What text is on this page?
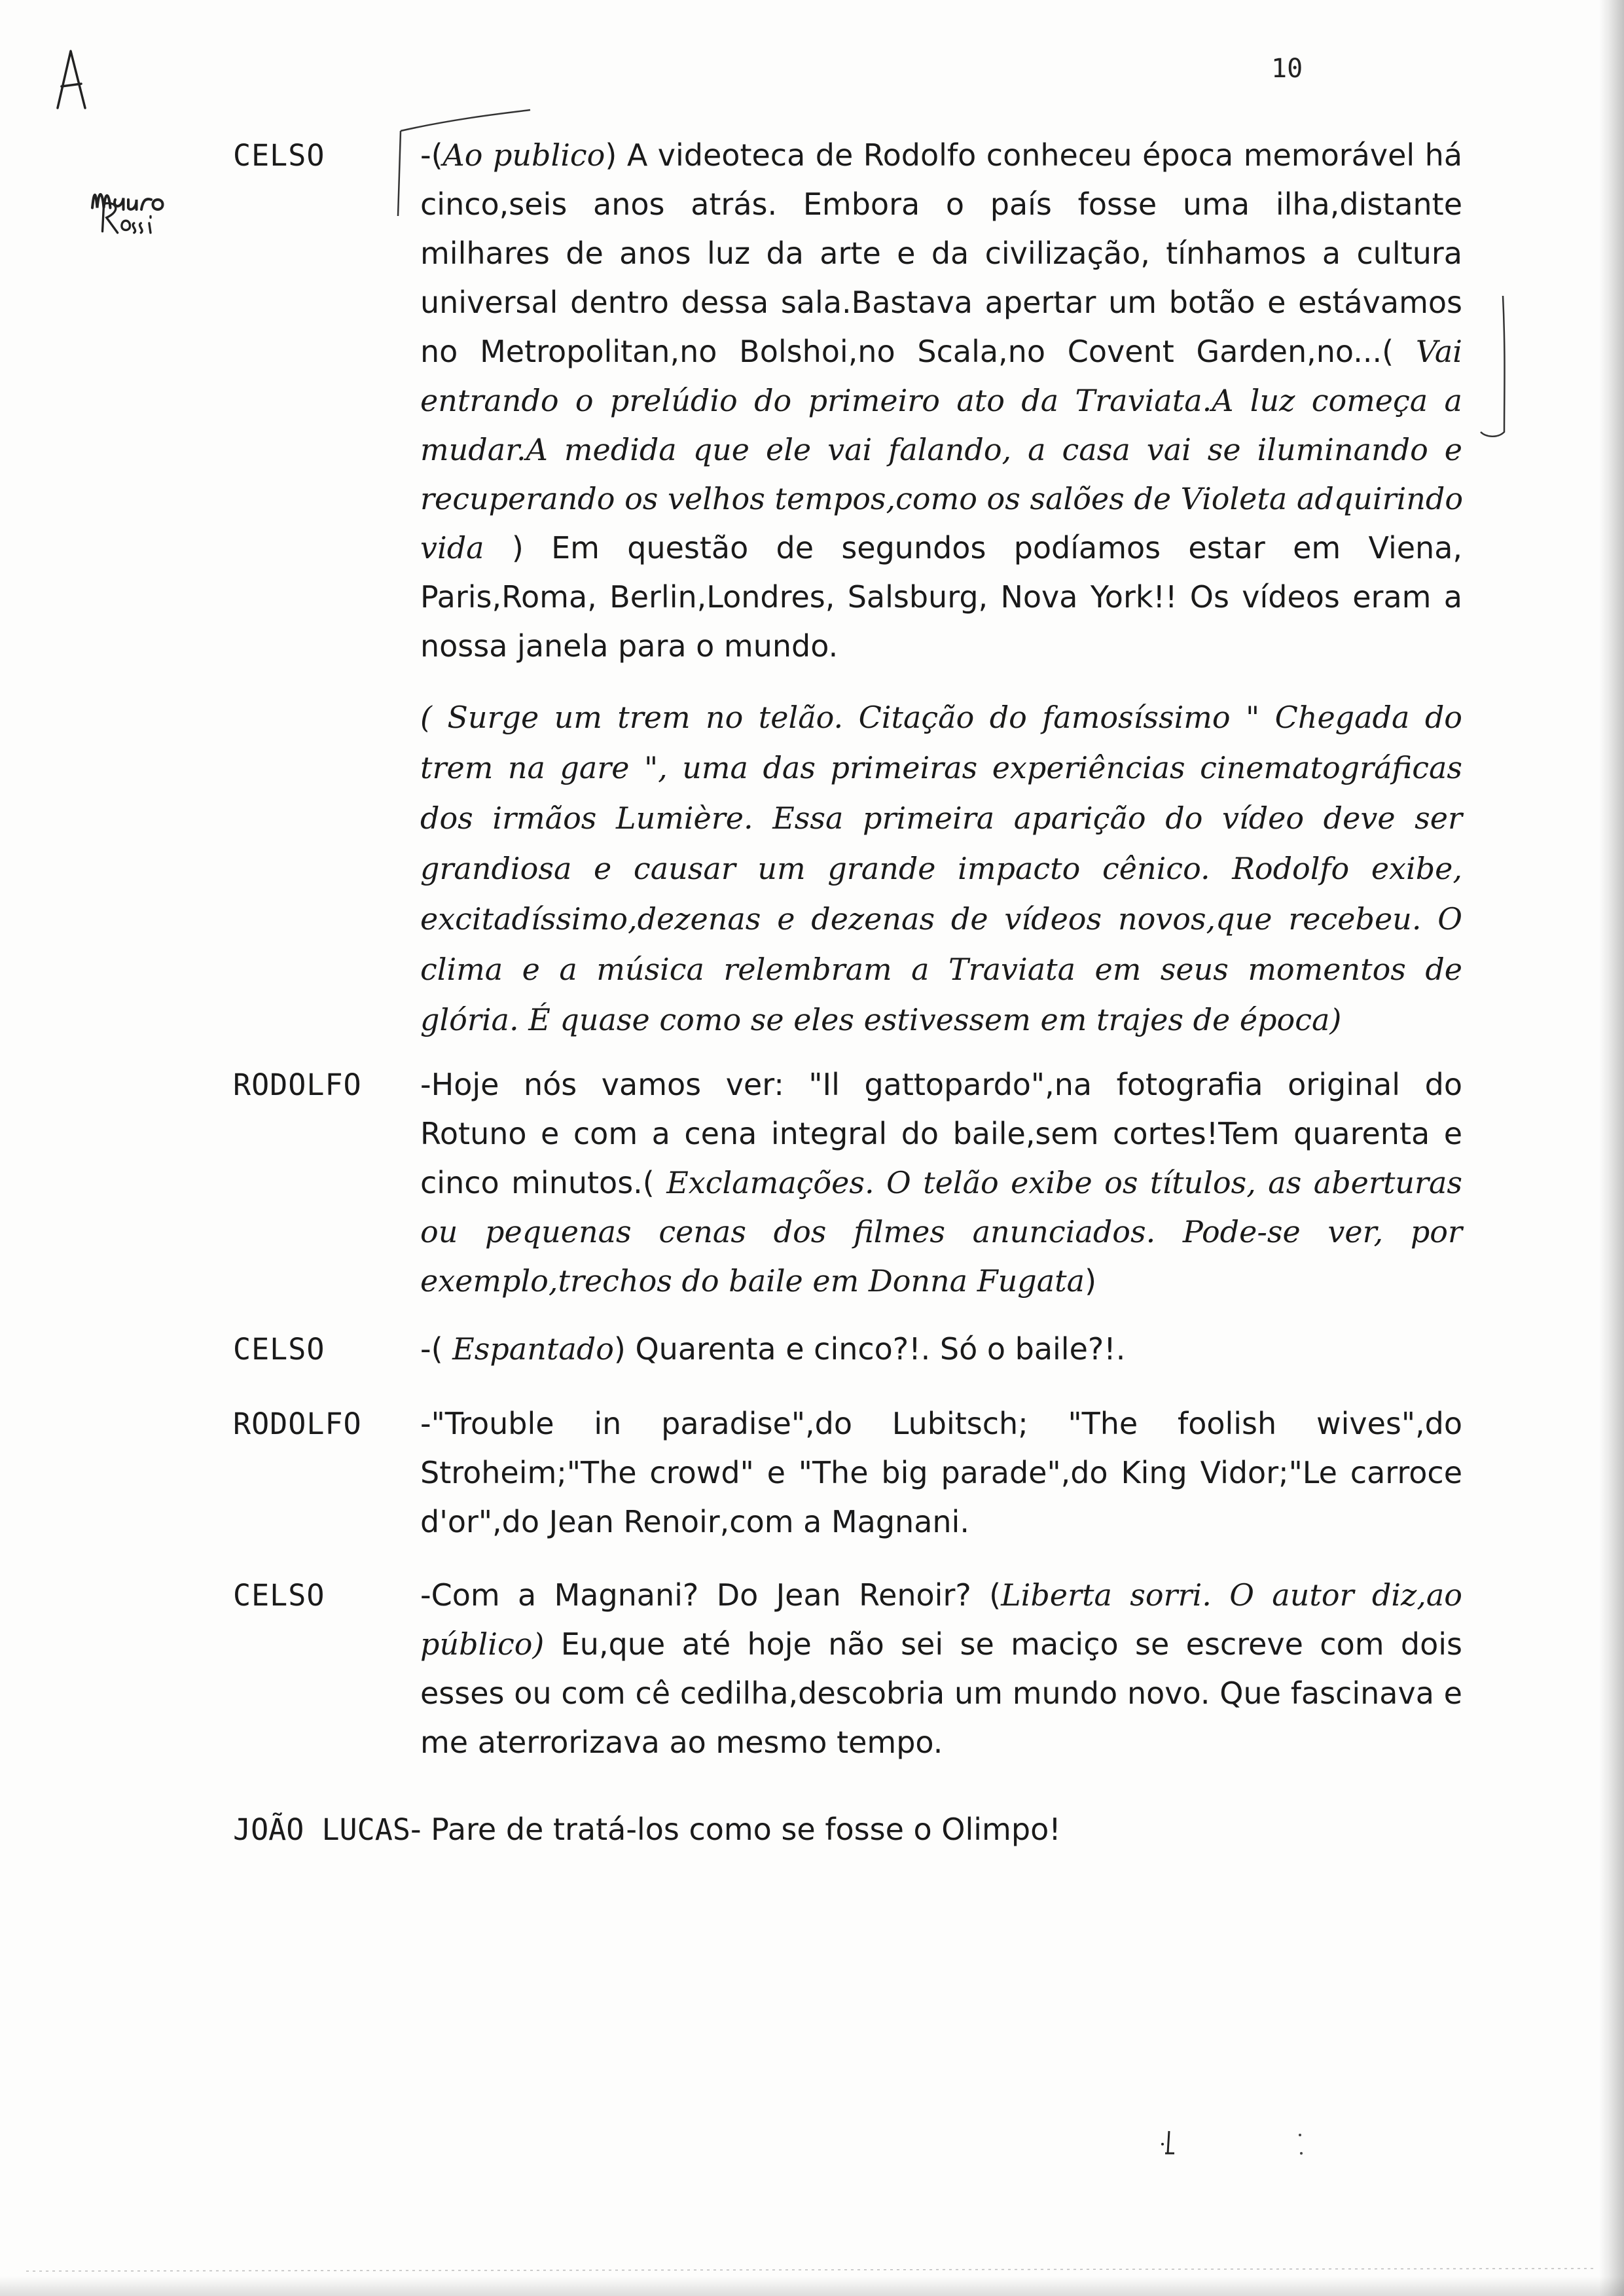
10
CELSO	-(Ao publico) A videoteca de Rodolfo conheceu época memorável há
cinco,seis anos atrás. Embora o país fosse uma ilha,distante
milhares de anos luz da arte e da civilização, tínhamos a cultura
universal dentro dessa sala.Bastava apertar um botão e estávamos
no Metropolitan,no Bolshoi,no Scala,no Covent Garden,no...( Vai
entrando o prelúdio do primeiro ato da Traviata.A luz começa a
mudar.A medida que ele vai falando, a casa vai se iluminando e
recuperando os velhos tempos,como os salões de Violeta adquirindo
vida ) Em questão de segundos podíamos estar em Viena,
Paris,Roma, Berlin,Londres, Salsburg, Nova York!! Os vídeos eram a
nossa janela para o mundo.
( Surge um trem no telão. Citação do famosíssimo " Chegada do
trem na gare ", uma das primeiras experiências cinematográficas
dos irmãos Lumière. Essa primeira aparição do vídeo deve ser
grandiosa e causar um grande impacto cênico. Rodolfo exibe,
excitadíssimo,dezenas e dezenas de vídeos novos,que recebeu. O
clima e a música relembram a Traviata em seus momentos de
glória. É quase como se eles estivessem em trajes de época)
RODOLFO -Hoje nós vamos ver: "Il gattopardo",na fotografia original do
Rotuno e com a cena integral do baile,sem cortes!Tem quarenta e
cinco minutos.( Exclamações. O telão exibe os títulos, as aberturas
ou pequenas cenas dos filmes anunciados. Pode-se ver, por
exemplo,trechos do baile em Donna Fugata)
CELSO	-( Espantado) Quarenta e cinco?!. Só o baile?!.
RODOLFO -"Trouble in paradise",do Lubitsch; "The foolish wives",do
Stroheim;"The crowd" e "The big parade",do King Vidor;"Le carroce
d'or",do Jean Renoir,com a Magnani.
CELSO	-Com a Magnani? Do Jean Renoir? (Liberta sorri. O autor diz,ao
público) Eu,que até hoje não sei se maciço se escreve com dois
esses ou com cê cedilha,descobria um mundo novo. Que fascinava e
me aterrorizava ao mesmo tempo.
JOÃO LUCAS- Pare de tratá-los como se fosse o Olimpo!
